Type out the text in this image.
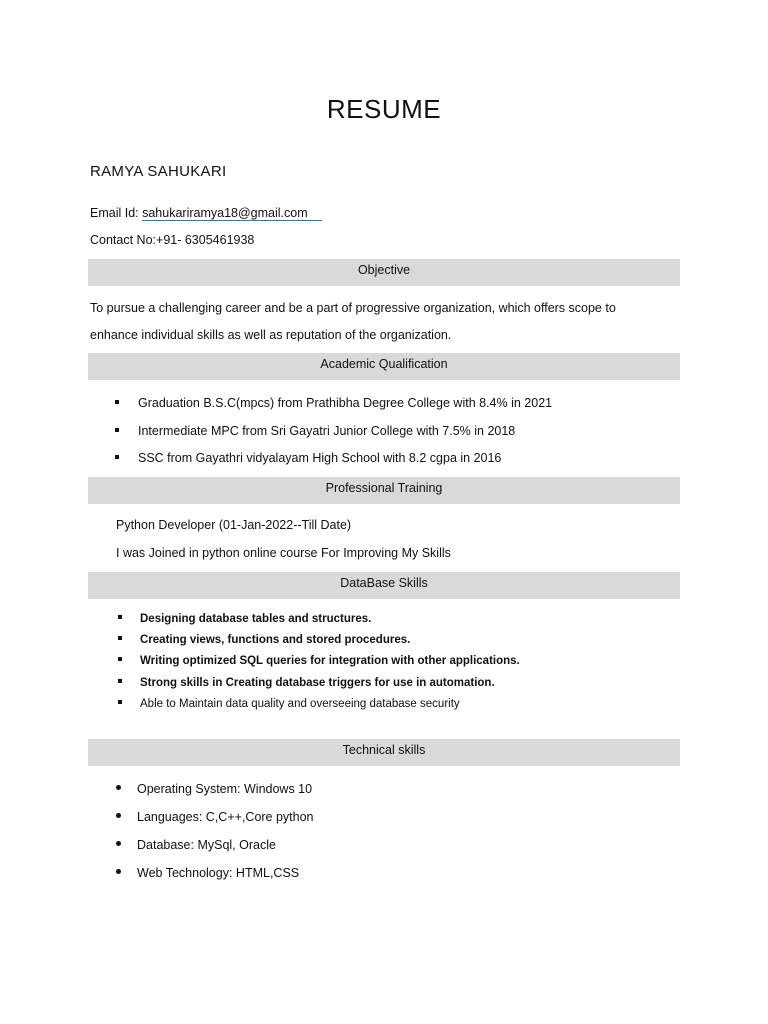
RESUME
RAMYA SAHUKARI
Email Id: sahukariramya18@gmail.com
Contact No:+91- 6305461938
Objective
To pursue a challenging career and be a part of progressive organization, which offers scope to
enhance individual skills as well as reputation of the organization.
Academic Qualification
Graduation B.S.C(mpcs) from Prathibha Degree College with 8.4% in 2021
Intermediate MPC from Sri Gayatri Junior College with 7.5% in 2018
SSC from Gayathri vidyalayam High School with 8.2 cgpa in 2016
Professional Training
Python Developer (01-Jan-2022--Till Date)
I was Joined in python online course For Improving My Skills
DataBase Skills
Designing database tables and structures.
Creating views, functions and stored procedures.
Writing optimized SQL queries for integration with other applications.
Strong skills in Creating database triggers for use in automation.
Able to Maintain data quality and overseeing database security
Technical skills
Operating System: Windows 10
Languages: C,C++,Core python
Database: MySql, Oracle
Web Technology: HTML,CSS
